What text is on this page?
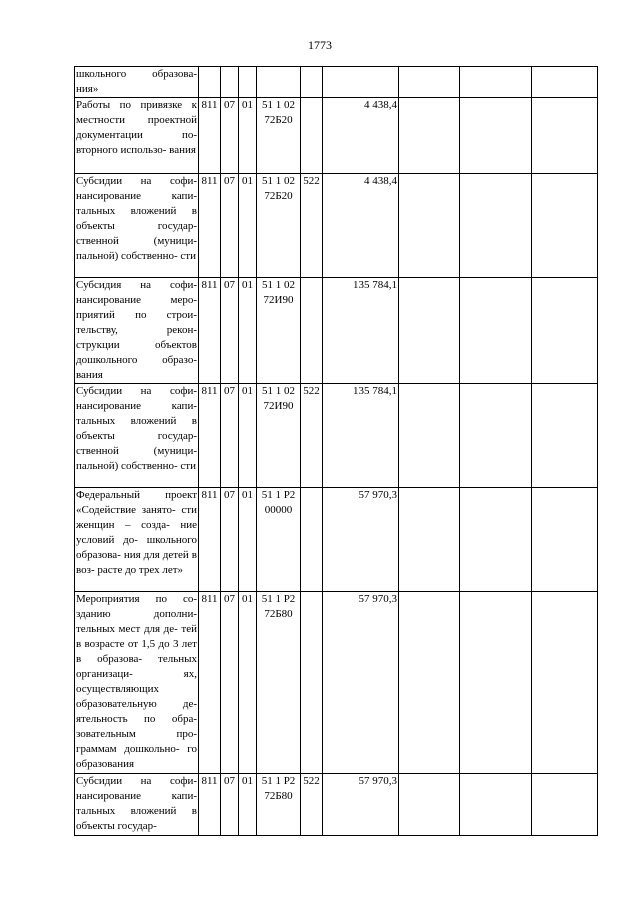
1773
школьного образова- ния»									
Работы по привязке к местности проектной документации по- вторного использо- вания	811	07	01	51 1 02 72Б20		4 438,4			
Субсидии на софи- нансирование капи- тальных вложений в объекты государ- ственной (муници- пальной) собственно- сти	811	07	01	51 1 02 72Б20	522	4 438,4			
Субсидия на софи- нансирование меро- приятий по строи- тельству, рекон- струкции объектов дошкольного образо- вания	811	07	01	51 1 02 72И90		135 784,1			
Субсидии на софи- нансирование капи- тальных вложений в объекты государ- ственной (муници- пальной) собственно- сти	811	07	01	51 1 02 72И90	522	135 784,1			
Федеральный проект «Содействие занято- сти женщин – созда- ние условий до- школьного образова- ния для детей в воз- расте до трех лет»	811	07	01	51 1 Р2 00000		57 970,3			
Мероприятия по со- зданию дополни- тельных мест для де- тей в возрасте от 1,5 до 3 лет в образова- тельных организаци- ях, осуществляющих образовательную де- ятельность по обра- зовательным про- граммам дошкольно- го образования	811	07	01	51 1 Р2 72Б80		57 970,3			
Субсидии на софи- нансирование капи- тальных вложений в объекты государ-	811	07	01	51 1 Р2 72Б80	522	57 970,3			
